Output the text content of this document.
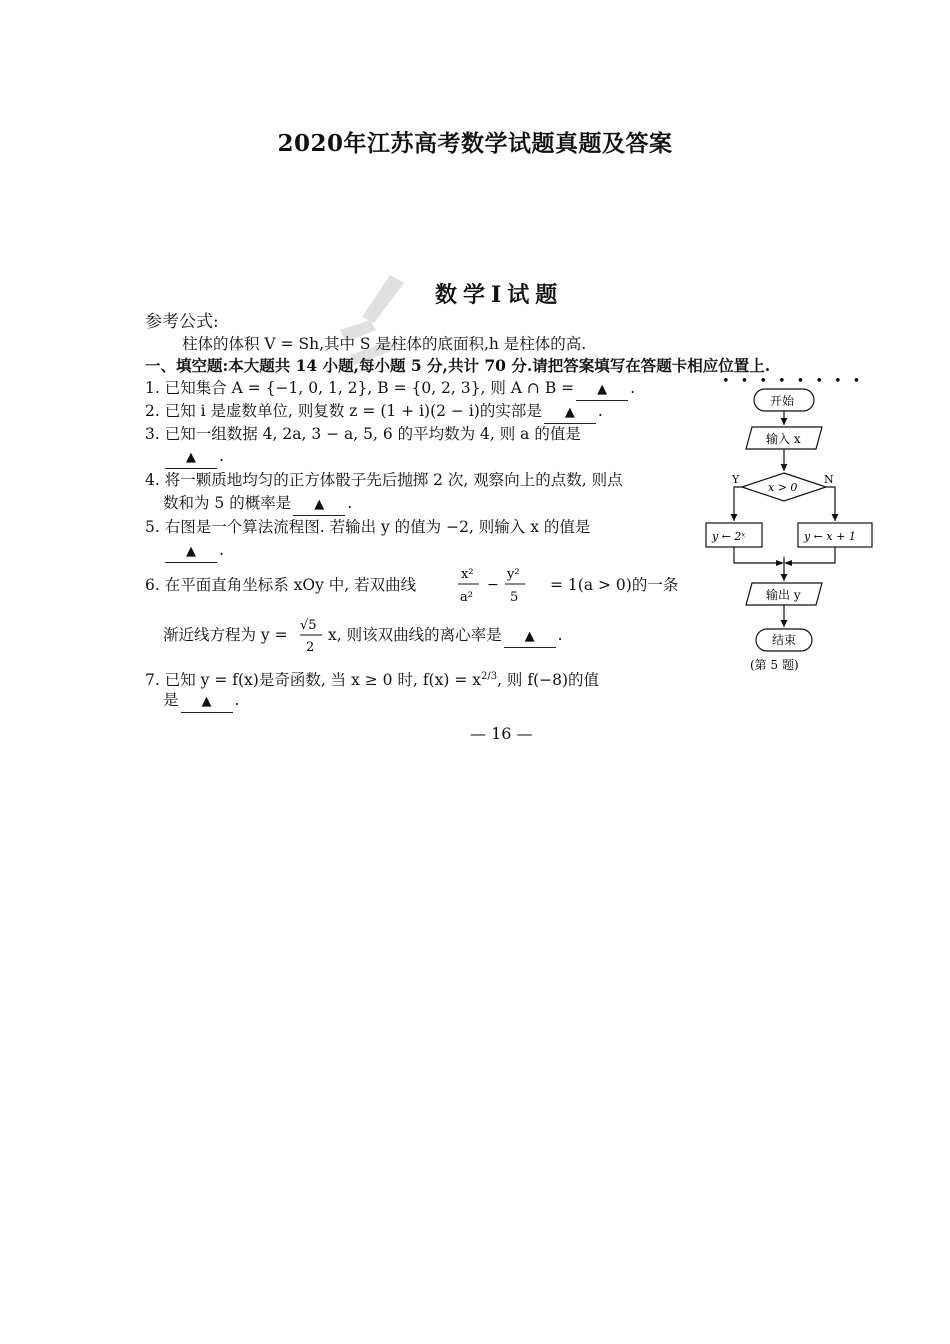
2020年江苏高考数学试题真题及答案
数学Ⅰ试题
参考公式:
柱体的体积 V = Sh,其中 S 是柱体的底面积,h 是柱体的高.
一、填空题:本大题共 14 小题,每小题 5 分,共计 70 分.请把答案填写在答题卡相应位置上.
••••••••
1. 已知集合 A = {−1, 0, 1, 2}, B = {0, 2, 3}, 则 A ∩ B = ▲ .
2. 已知 i 是虚数单位, 则复数 z = (1 + i)(2 − i)的实部是 ▲ .
3. 已知一组数据 4, 2a, 3 − a, 5, 6 的平均数为 4, 则 a 的值是
▲ .
4. 将一颗质地均匀的正方体骰子先后抛掷 2 次, 观察向上的点数, 则点
数和为 5 的概率是 ▲ .
5. 右图是一个算法流程图. 若输出 y 的值为 −2, 则输入 x 的值是
▲ .
6. 在平面直角坐标系 xOy 中, 若双曲线
x²
a²
−
y²
5
= 1(a > 0)的一条
渐近线方程为 y =
√5
2
x, 则该双曲线的离心率是 ▲ .
7. 已知 y = f(x)是奇函数, 当 x ≥ 0 时, $f(x) = x^{2/3}$, 则 f(−8)的值
是 ▲ .
开始
输入 x
x > 0
Y	N
y ← 2ˣ	y ← x + 1
输出 y
结束
(第 5 题)
— 16 —
